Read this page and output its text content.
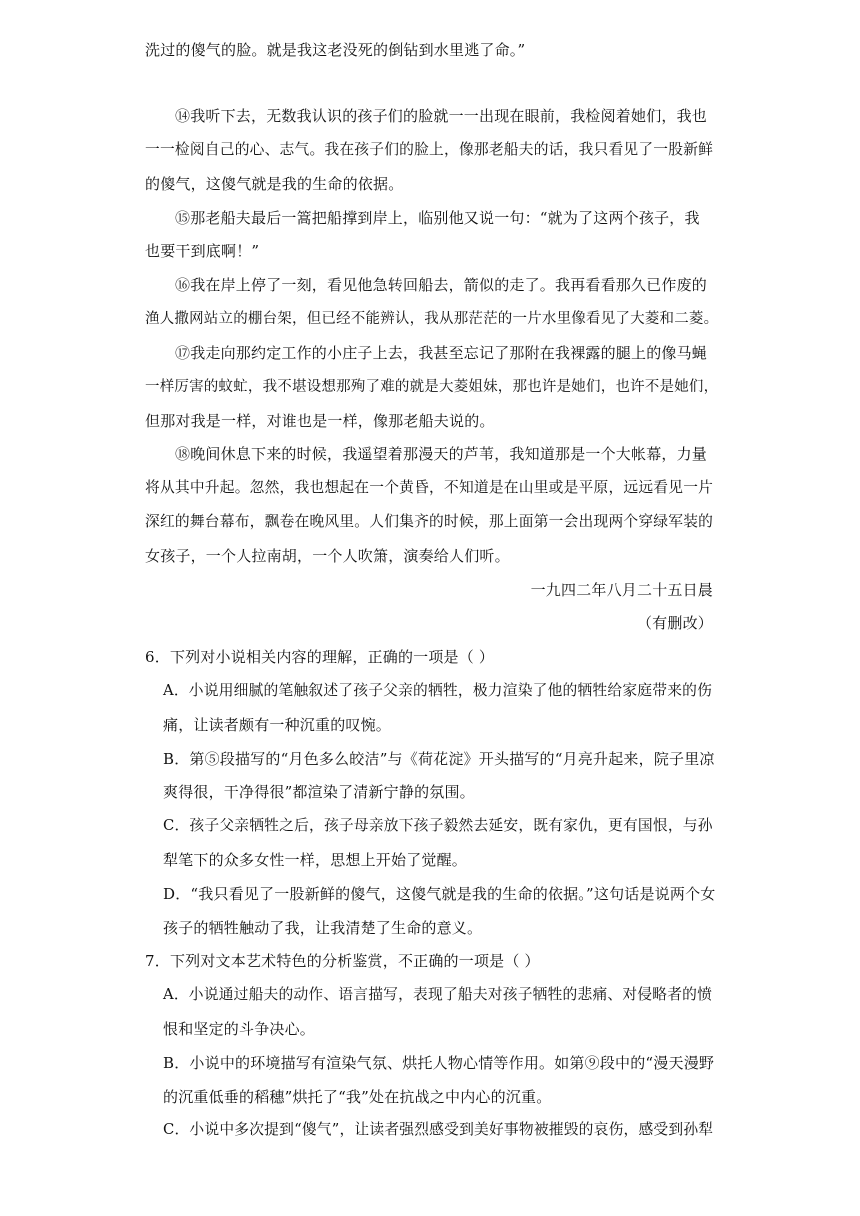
洗过的傻气的脸。就是我这老没死的倒钻到水里逃了命。”
⑭我听下去，无数我认识的孩子们的脸就一一出现在眼前，我检阅着她们，我也
一一检阅自己的心、志气。我在孩子们的脸上，像那老船夫的话，我只看见了一股新鲜
的傻气，这傻气就是我的生命的依据。
⑮那老船夫最后一篙把船撑到岸上，临别他又说一句：“就为了这两个孩子，我
也要干到底啊！”
⑯我在岸上停了一刻，看见他急转回船去，箭似的走了。我再看看那久已作废的
渔人撒网站立的棚台架，但已经不能辨认，我从那茫茫的一片水里像看见了大菱和二菱。
⑰我走向那约定工作的小庄子上去，我甚至忘记了那附在我裸露的腿上的像马蝇
一样厉害的蚊虻，我不堪设想那殉了难的就是大菱姐妹，那也许是她们，也许不是她们，
但那对我是一样，对谁也是一样，像那老船夫说的。
⑱晚间休息下来的时候，我遥望着那漫天的芦苇，我知道那是一个大帐幕，力量
将从其中升起。忽然，我也想起在一个黄昏，不知道是在山里或是平原，远远看见一片
深红的舞台幕布，飘卷在晚风里。人们集齐的时候，那上面第一会出现两个穿绿军装的
女孩子，一个人拉南胡，一个人吹箫，演奏给人们听。
一九四二年八月二十五日晨
（有删改）
6．下列对小说相关内容的理解，正确的一项是（ ）
A．小说用细腻的笔触叙述了孩子父亲的牺牲，极力渲染了他的牺牲给家庭带来的伤
痛，让读者颇有一种沉重的叹惋。
B．第⑤段描写的“月色多么皎洁”与《荷花淀》开头描写的“月亮升起来，院子里凉
爽得很，干净得很”都渲染了清新宁静的氛围。
C．孩子父亲牺牲之后，孩子母亲放下孩子毅然去延安，既有家仇，更有国恨，与孙
犁笔下的众多女性一样，思想上开始了觉醒。
D．“我只看见了一股新鲜的傻气，这傻气就是我的生命的依据。”这句话是说两个女
孩子的牺牲触动了我，让我清楚了生命的意义。
7．下列对文本艺术特色的分析鉴赏，不正确的一项是（ ）
A．小说通过船夫的动作、语言描写，表现了船夫对孩子牺牲的悲痛、对侵略者的愤
恨和坚定的斗争决心。
B．小说中的环境描写有渲染气氛、烘托人物心情等作用。如第⑨段中的“漫天漫野
的沉重低垂的稻穗”烘托了“我”处在抗战之中内心的沉重。
C．小说中多次提到“傻气”，让读者强烈感受到美好事物被摧毁的哀伤，感受到孙犁
